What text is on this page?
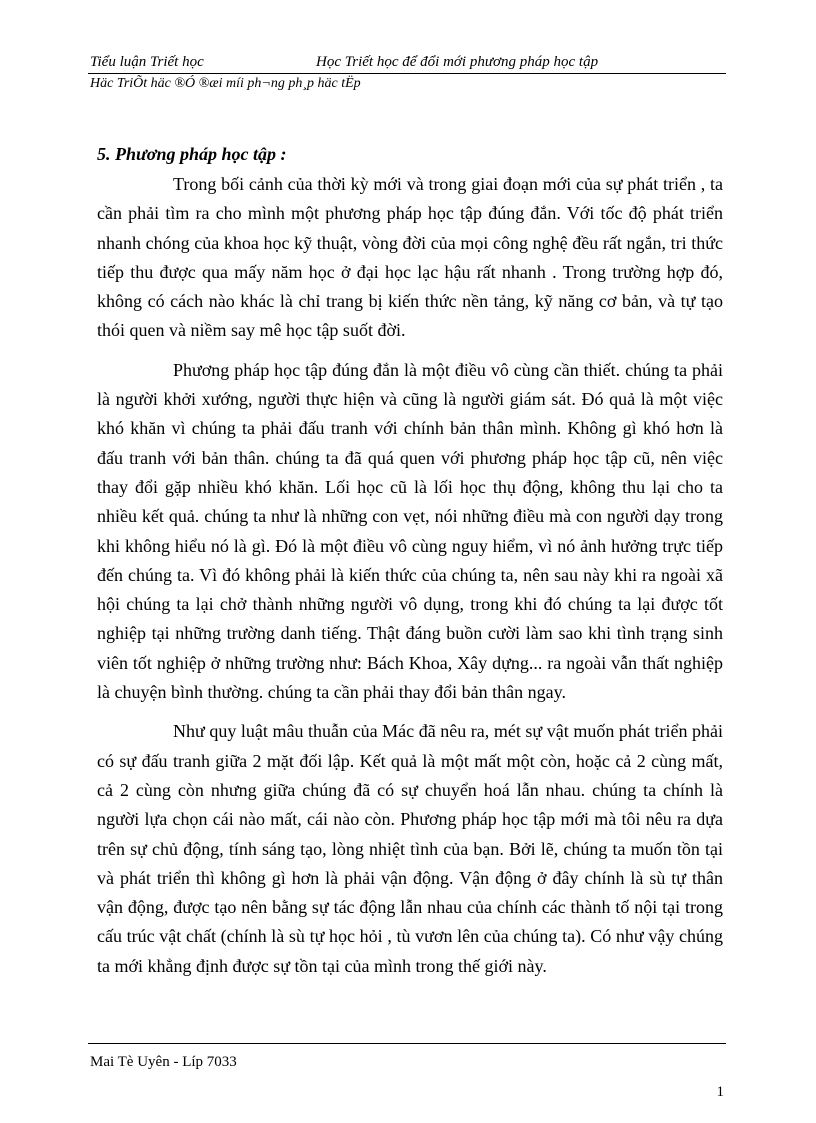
Tiểu luận Triết học	Học Triết học để đổi mới phương pháp học tập
Häc TriÕt häc ®Ó ®æi míi ph¬ng ph¸p häc tËp
5. Phương pháp học tập :

Trong bối cảnh của thời kỳ mới và trong giai đoạn mới của sự phát triển , ta cần phải tìm ra cho mình một phương pháp học tập đúng đắn. Với tốc độ phát triển nhanh chóng của khoa học kỹ thuật, vòng đời của mọi công nghệ đều rất ngắn, tri thức tiếp thu được qua mấy năm học ở đại học lạc hậu rất nhanh . Trong trường hợp đó, không có cách nào khác là chỉ trang bị kiến thức nền tảng, kỹ năng cơ bản, và tự tạo thói quen và niềm say mê học tập suốt đời.

Phương pháp học tập đúng đắn là một điều vô cùng cần thiết. chúng ta phải là người khởi xướng, người thực hiện và cũng là người giám sát. Đó quả là một việc khó khăn vì chúng ta phải đấu tranh với chính bản thân mình. Không gì khó hơn là đấu tranh với bản thân. chúng ta đã quá quen với phương pháp học tập cũ, nên việc thay đổi gặp nhiều khó khăn. Lối học cũ là lối học thụ động, không thu lại cho ta nhiều kết quả. chúng ta như là những con vẹt, nói những điều mà con người dạy trong khi không hiểu nó là gì. Đó là một điều vô cùng nguy hiểm, vì nó ảnh hưởng trực tiếp đến chúng ta. Vì đó không phải là kiến thức của chúng ta, nên sau này khi ra ngoài xã hội chúng ta lại chở thành những người vô dụng, trong khi đó chúng ta lại được tốt nghiệp tại những trường danh tiếng. Thật đáng buồn cười làm sao khi tình trạng sinh viên tốt nghiệp ở những trường như: Bách Khoa, Xây dựng... ra ngoài vẫn thất nghiệp là chuyện bình thường. chúng ta cần phải thay đổi bản thân ngay.

Như quy luật mâu thuẫn của Mác đã nêu ra, mét sự vật muốn phát triển phải có sự đấu tranh giữa 2 mặt đối lập. Kết quả là một mất một còn, hoặc cả 2 cùng mất, cả 2 cùng còn nhưng giữa chúng đã có sự chuyển hoá lẫn nhau. chúng ta chính là người lựa chọn cái nào mất, cái nào còn. Phương pháp học tập mới mà tôi nêu ra dựa trên sự chủ động, tính sáng tạo, lòng nhiệt tình của bạn. Bởi lẽ, chúng ta muốn tồn tại và phát triển thì không gì hơn là phải vận động. Vận động ở đây chính là sù tự thân vận động, được tạo nên bằng sự tác động lẫn nhau của chính các thành tố nội tại trong cấu trúc vật chất (chính là sù tự học hỏi , tù vươn lên của chúng ta). Có như vậy chúng ta mới khẳng định được sự tồn tại của mình trong thế giới này.

Mai Tè Uyên - Líp 7033
1
